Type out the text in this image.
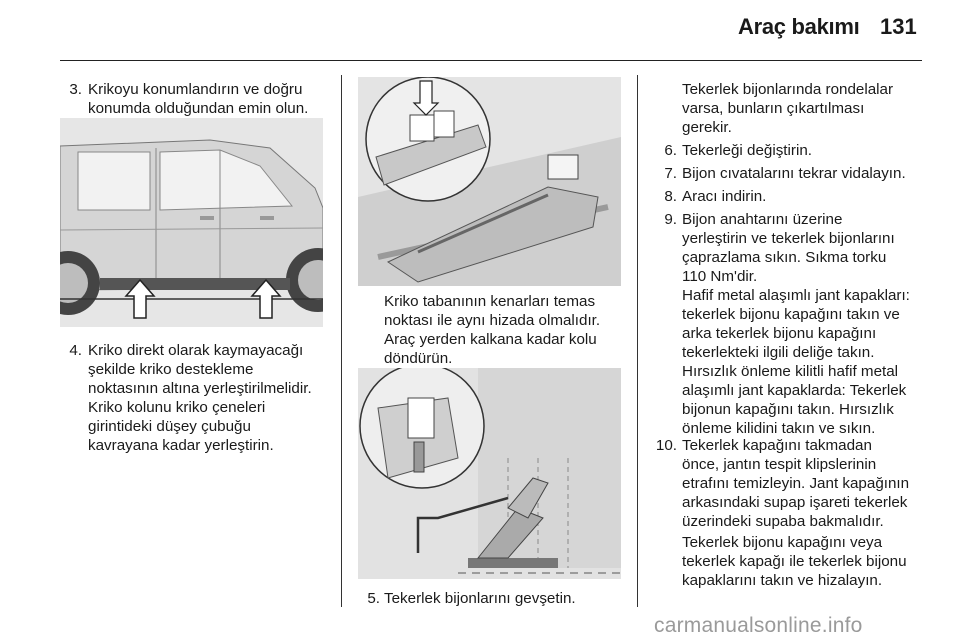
Araç bakımı 131
3. Krikoyu konumlandırın ve doğru
konumda olduğundan emin olun.
4. Kriko direkt olarak kaymayacağı
şekilde kriko destekleme
noktasının altına yerleştirilmelidir.
Kriko kolunu kriko çeneleri
girintideki düşey çubuğu
kavrayana kadar yerleştirin.
Kriko tabanının kenarları temas
noktası ile aynı hizada olmalıdır.
Araç yerden kalkana kadar kolu
döndürün.
5. Tekerlek bijonlarını gevşetin.
Tekerlek bijonlarında rondelalar
varsa, bunların çıkartılması
gerekir.
6. Tekerleği değiştirin.
7. Bijon cıvatalarını tekrar vidalayın.
8. Aracı indirin.
9. Bijon anahtarını üzerine
yerleştirin ve tekerlek bijonlarını
çaprazlama sıkın. Sıkma torku
110 Nm'dir.
Hafif metal alaşımlı jant kapakları:
tekerlek bijonu kapağını takın ve
arka tekerlek bijonu kapağını
tekerlekteki ilgili deliğe takın.
Hırsızlık önleme kilitli hafif metal
alaşımlı jant kapaklarda: Tekerlek
bijonun kapağını takın. Hırsızlık
önleme kilidini takın ve sıkın.
10. Tekerlek kapağını takmadan
önce, jantın tespit klipslerinin
etrafını temizleyin. Jant kapağının
arkasındaki supap işareti tekerlek
üzerindeki supaba bakmalıdır.
Tekerlek bijonu kapağını veya
tekerlek kapağı ile tekerlek bijonu
kapaklarını takın ve hizalayın.
carmanualsonline.info
